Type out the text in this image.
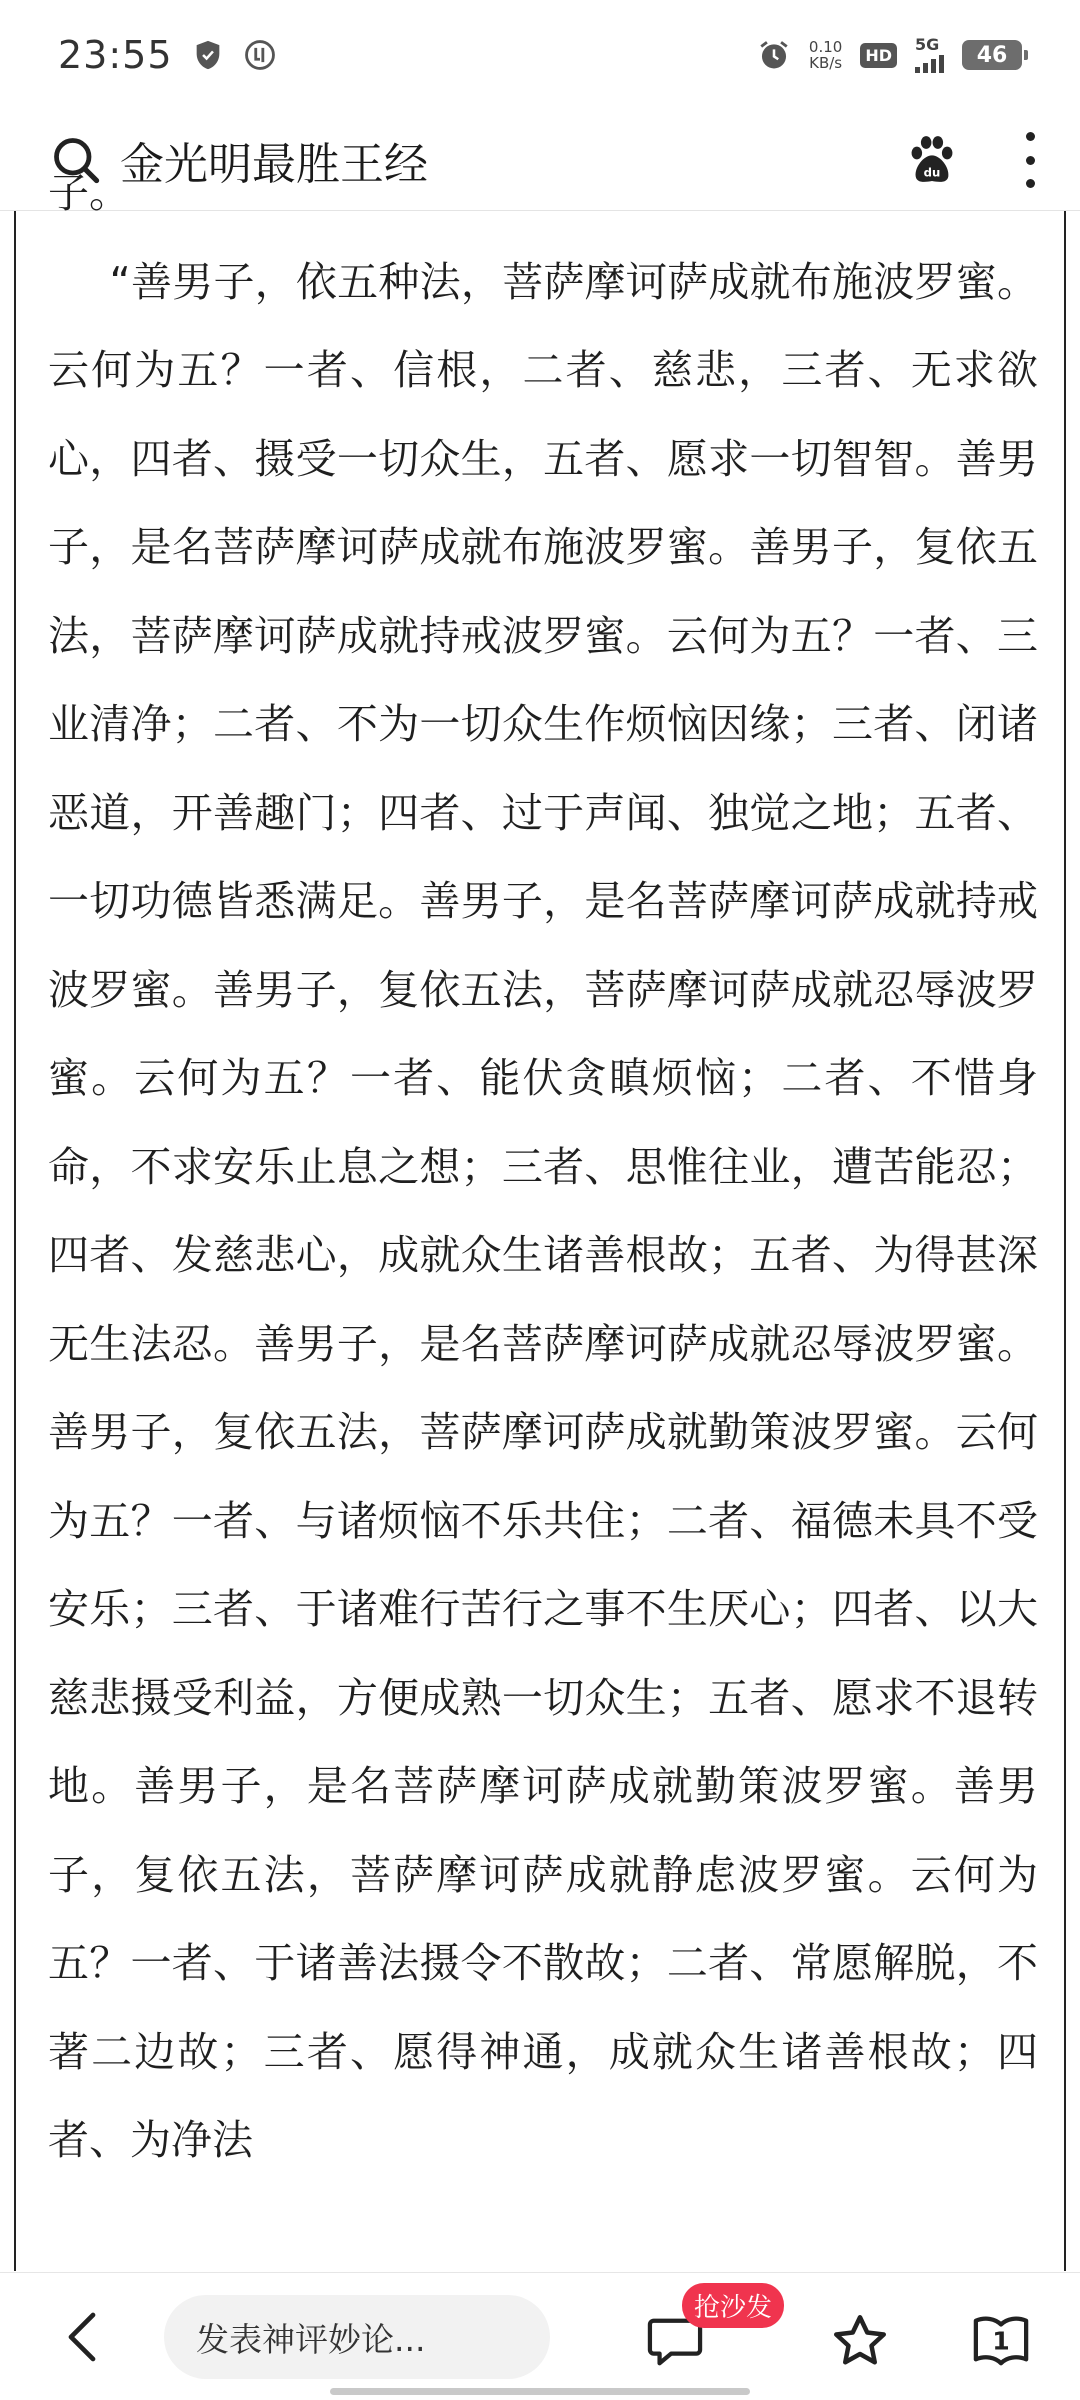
23:55	0.10
KB/s	HD
5G 46
金光明最胜王经	du
子。
“善男子，依五种法，菩萨摩诃萨成就布施波罗蜜。云何为五？一者、信根，二者、慈悲，三者、无求欲心，四者、摄受一切众生，五者、愿求一切智智。善男子，是名菩萨摩诃萨成就布施波罗蜜。善男子，复依五法，菩萨摩诃萨成就持戒波罗蜜。云何为五？一者、三业清净；二者、不为一切众生作烦恼因缘；三者、闭诸恶道，开善趣门；四者、过于声闻、独觉之地；五者、一切功德皆悉满足。善男子，是名菩萨摩诃萨成就持戒波罗蜜。善男子，复依五法，菩萨摩诃萨成就忍辱波罗蜜。云何为五？一者、能伏贪瞋烦恼；二者、不惜身命，不求安乐止息之想；三者、思惟往业，遭苦能忍；四者、发慈悲心，成就众生诸善根故；五者、为得甚深无生法忍。善男子，是名菩萨摩诃萨成就忍辱波罗蜜。善男子，复依五法，菩萨摩诃萨成就勤策波罗蜜。云何为五？一者、与诸烦恼不乐共住；二者、福德未具不受安乐；三者、于诸难行苦行之事不生厌心；四者、以大慈悲摄受利益，方便成熟一切众生；五者、愿求不退转地。善男子，是名菩萨摩诃萨成就勤策波罗蜜。善男子，复依五法，菩萨摩诃萨成就静虑波罗蜜。云何为五？一者、于诸善法摄令不散故；二者、常愿解脱，不著二边故；三者、愿得神通，成就众生诸善根故；四者、为净法
发表神评妙论...
抢沙发
1
